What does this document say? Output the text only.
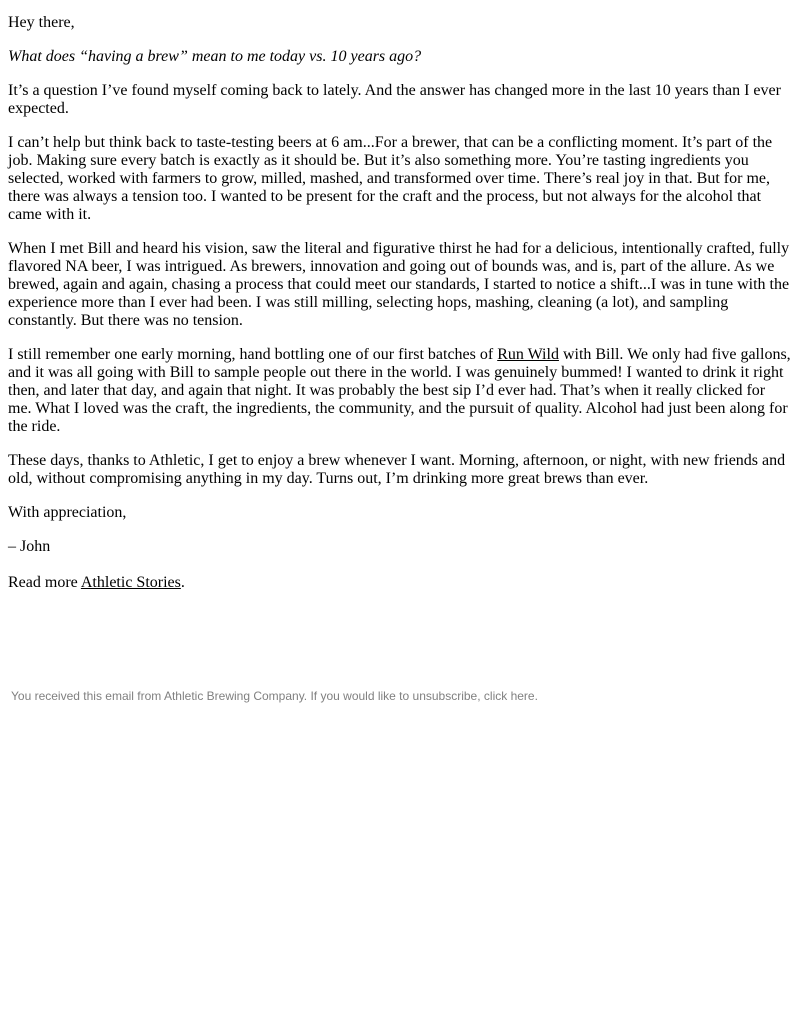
Hey there,

What does “having a brew” mean to me today vs. 10 years ago?

It’s a question I’ve found myself coming back to lately. And the answer has changed more in the last 10 years than I ever expected.

I can’t help but think back to taste-testing beers at 6 am...For a brewer, that can be a conflicting moment. It’s part of the job. Making sure every batch is exactly as it should be. But it’s also something more. You’re tasting ingredients you selected, worked with farmers to grow, milled, mashed, and transformed over time. There’s real joy in that. But for me, there was always a tension too. I wanted to be present for the craft and the process, but not always for the alcohol that came with it.

When I met Bill and heard his vision, saw the literal and figurative thirst he had for a delicious, intentionally crafted, fully flavored NA beer, I was intrigued. As brewers, innovation and going out of bounds was, and is, part of the allure. As we brewed, again and again, chasing a process that could meet our standards, I started to notice a shift...I was in tune with the experience more than I ever had been. I was still milling, selecting hops, mashing, cleaning (a lot), and sampling constantly. But there was no tension.

I still remember one early morning, hand bottling one of our first batches of Run Wild with Bill. We only had five gallons, and it was all going with Bill to sample people out there in the world. I was genuinely bummed! I wanted to drink it right then, and later that day, and again that night. It was probably the best sip I’d ever had. That’s when it really clicked for me. What I loved was the craft, the ingredients, the community, and the pursuit of quality. Alcohol had just been along for the ride.

These days, thanks to Athletic, I get to enjoy a brew whenever I want. Morning, afternoon, or night, with new friends and old, without compromising anything in my day. Turns out, I’m drinking more great brews than ever.

With appreciation,

– John

Read more Athletic Stories.

You received this email from Athletic Brewing Company. If you would like to unsubscribe, click here.
